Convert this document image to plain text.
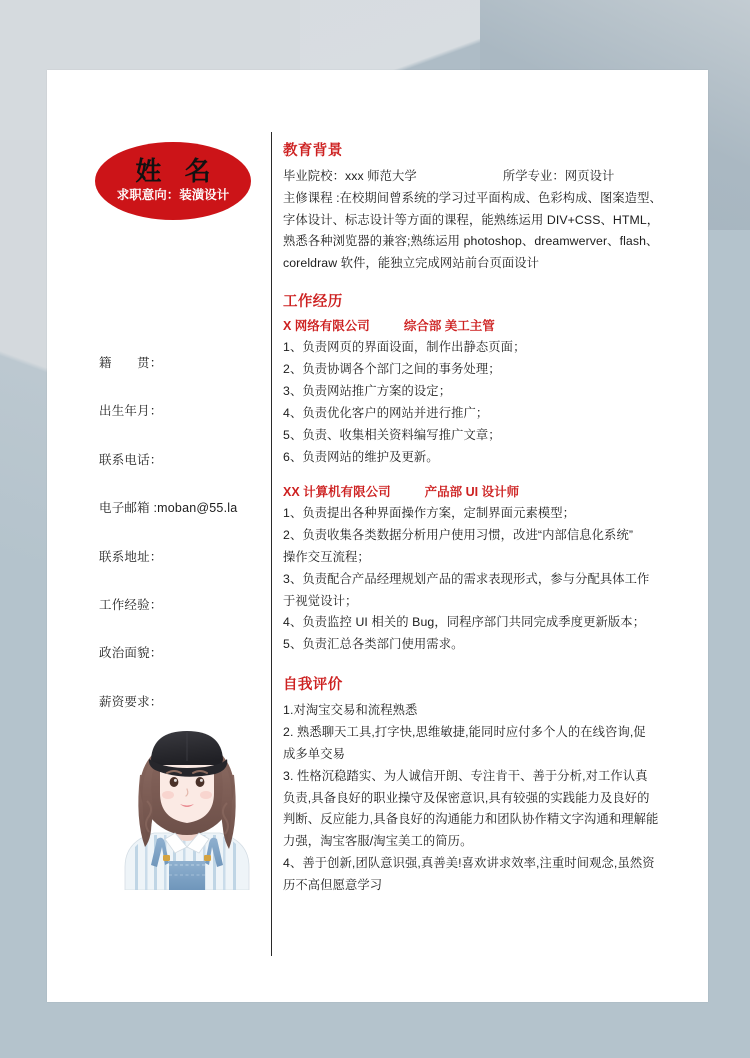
姓 名
求职意向：装潢设计
籍　　贯：
出生年月：
联系电话：
电子邮箱 :moban@55.la
联系地址：
工作经验：
政治面貌：
薪资要求：
教育背景
毕业院校：xxx 师范大学	所学专业：网页设计
主修课程 :在校期间曾系统的学习过平面构成、色彩构成、图案造型、
字体设计、标志设计等方面的课程，能熟练运用 DIV+CSS、HTML，
熟悉各种浏览器的兼容;熟练运用 photoshop、dreamwerver、flash、
coreldraw 软件，能独立完成网站前台页面设计
工作经历
X 网络有限公司	综合部 美工主管
1、负责网页的界面设面，制作出静态页面；
2、负责协调各个部门之间的事务处理；
3、负责网站推广方案的设定；
4、负责优化客户的网站并进行推广；
5、负责、收集相关资料编写推广文章；
6、负责网站的维护及更新。
XX 计算机有限公司	产品部 UI 设计师
1、负责提出各种界面操作方案，定制界面元素模型；
2、负责收集各类数据分析用户使用习惯，改进“内部信息化系统”
操作交互流程；
3、负责配合产品经理规划产品的需求表现形式，参与分配具体工作
于视觉设计；
4、负责监控 UI 相关的 Bug，同程序部门共同完成季度更新版本；
5、负责汇总各类部门使用需求。
自我评价
1.对淘宝交易和流程熟悉
2. 熟悉聊天工具,打字快,思维敏捷,能同时应付多个人的在线咨询,促
成多单交易
3. 性格沉稳踏实、为人诚信开朗、专注肯干、善于分析,对工作认真
负责,具备良好的职业操守及保密意识,具有较强的实践能力及良好的
判断、反应能力,具备良好的沟通能力和团队协作精文字沟通和理解能
力强，淘宝客服/淘宝美工的简历。
4、善于创新,团队意识强,真善美!喜欢讲求效率,注重时间观念,虽然资
历不高但愿意学习
